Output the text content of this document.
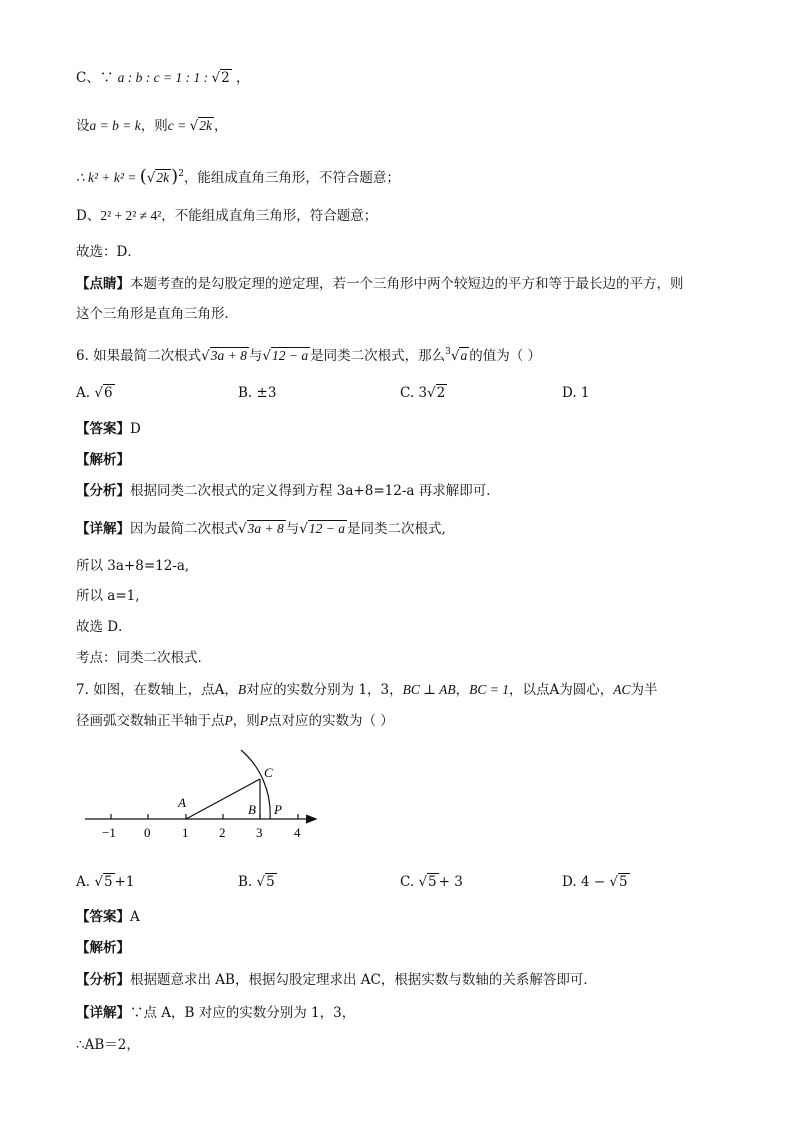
C、∵ a : b : c = 1 : 1 : √2 ，
设a = b = k，则c = √2k ，
∴ k² + k² = (√2k )$^2$，能组成直角三角形，不符合题意；
D、2² + 2² ≠ 4²，不能组成直角三角形，符合题意；
故选：D．
【点睛】本题考查的是勾股定理的逆定理，若一个三角形中两个较短边的平方和等于最长边的平方，则
这个三角形是直角三角形．
6. 如果最简二次根式√3a + 8 与√12 − a 是同类二次根式，那么$^3$√a 的值为（ ）
A. √6	B. ±3	C. 3√2	D. 1
【答案】D
【解析】
【分析】根据同类二次根式的定义得到方程 3a+8=12-a 再求解即可．
【详解】因为最简二次根式√3a + 8 与√12 − a 是同类二次根式,
所以 3a+8=12-a,
所以 a=1,
故选 D．
考点：同类二次根式．
7. 如图，在数轴上，点A，B对应的实数分别为 1，3，BC ⊥ AB，BC = 1，以点A为圆心，AC为半
径画弧交数轴正半轴于点P，则P点对应的实数为（ ）
−1 0 1 2 3 4
A	B
C
P
A. √5 +1	B. √5	C. √5 + 3	D. 4 − √5
【答案】A
【解析】
【分析】根据题意求出 AB，根据勾股定理求出 AC，根据实数与数轴的关系解答即可．
【详解】∵点 A，B 对应的实数分别为 1，3，
∴AB＝2，
